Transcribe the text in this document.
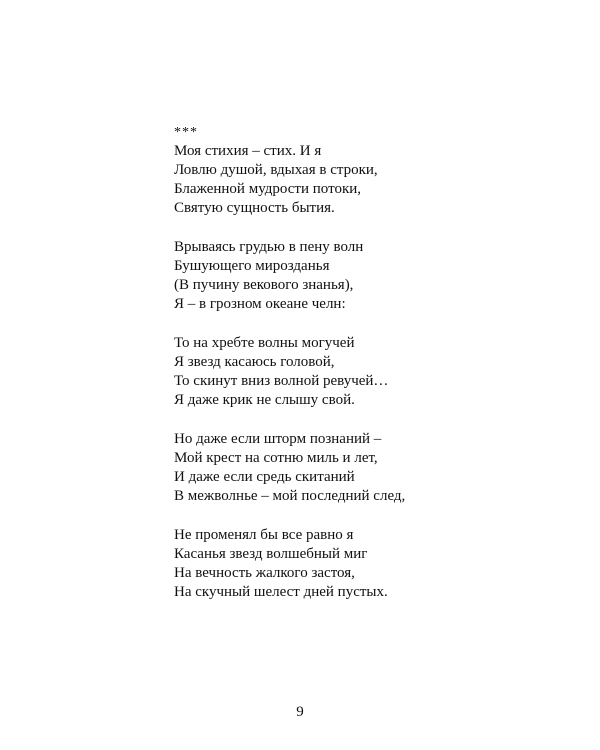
***
Моя стихия – стих. И я
Ловлю душой, вдыхая в строки,
Блаженной мудрости потоки,
Святую сущность бытия.
Врываясь грудью в пену волн
Бушующего мирозданья
(В пучину векового знанья),
Я – в грозном океане челн:
То на хребте волны могучей
Я звезд касаюсь головой,
То скинут вниз волной ревучей…
Я даже крик не слышу свой.
Но даже если шторм познаний –
Мой крест на сотню миль и лет,
И даже если средь скитаний
В межволнье – мой последний след,
Не променял бы все равно я
Касанья звезд волшебный миг
На вечность жалкого застоя,
На скучный шелест дней пустых.
9
